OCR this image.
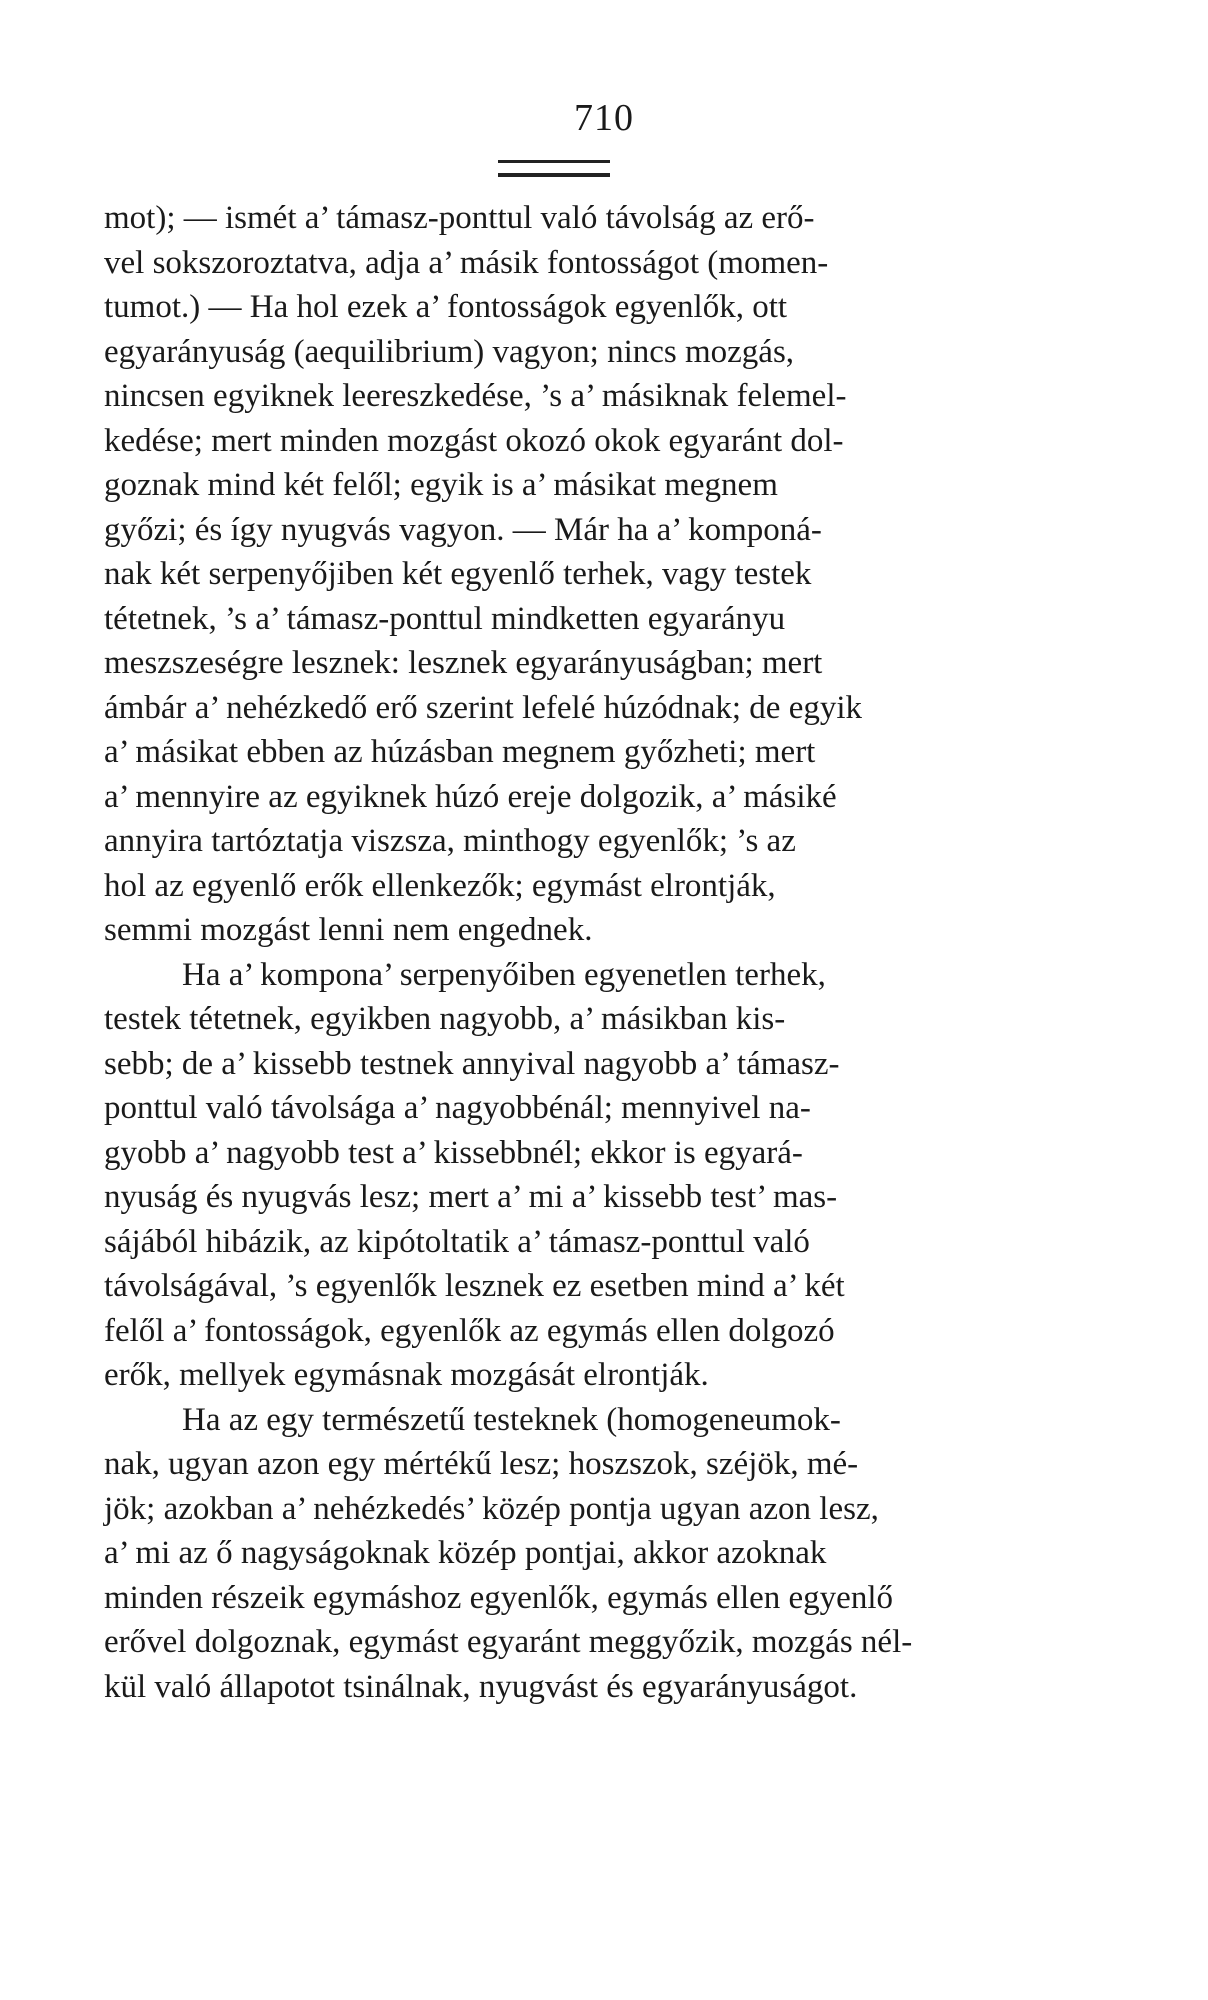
710

mot); — ismét a’ támasz-ponttul való távolság az erő-
vel sokszoroztatva, adja a’ másik fontosságot (momen-
tumot.) — Ha hol ezek a’ fontosságok egyenlők, ott
egyarányuság (aequilibrium) vagyon; nincs mozgás,
nincsen egyiknek leereszkedése, ’s a’ másiknak felemel-
kedése; mert minden mozgást okozó okok egyaránt dol-
goznak mind két felől; egyik is a’ másikat megnem
győzi; és így nyugvás vagyon. — Már ha a’ komponá-
nak két serpenyőjiben két egyenlő terhek, vagy testek
tétetnek, ’s a’ támasz-ponttul mindketten egyarányu
meszszeségre lesznek: lesznek egyarányuságban; mert
ámbár a’ nehézkedő erő szerint lefelé húzódnak; de egyik
a’ másikat ebben az húzásban megnem győzheti; mert
a’ mennyire az egyiknek húzó ereje dolgozik, a’ másiké
annyira tartóztatja viszsza, minthogy egyenlők; ’s az
hol az egyenlő erők ellenkezők; egymást elrontják,
semmi mozgást lenni nem engednek.

Ha a’ kompona’ serpenyőiben egyenetlen terhek,
testek tétetnek, egyikben nagyobb, a’ másikban kis-
sebb; de a’ kissebb testnek annyival nagyobb a’ támasz-
ponttul való távolsága a’ nagyobbénál; mennyivel na-
gyobb a’ nagyobb test a’ kissebbnél; ekkor is egyará-
nyuság és nyugvás lesz; mert a’ mi a’ kissebb test’ mas-
sájából hibázik, az kipótoltatik a’ támasz-ponttul való
távolságával, ’s egyenlők lesznek ez esetben mind a’ két
felől a’ fontosságok, egyenlők az egymás ellen dolgozó
erők, mellyek egymásnak mozgását elrontják.

Ha az egy természetű testeknek (homogeneumok-
nak, ugyan azon egy mértékű lesz; hoszszok, széjök, mé-
jök; azokban a’ nehézkedés’ közép pontja ugyan azon lesz,
a’ mi az ő nagyságoknak közép pontjai, akkor azoknak
minden részeik egymáshoz egyenlők, egymás ellen egyenlő
erővel dolgoznak, egymást egyaránt meggyőzik, mozgás nél-
kül való állapotot tsinálnak, nyugvást és egyarányuságot.
